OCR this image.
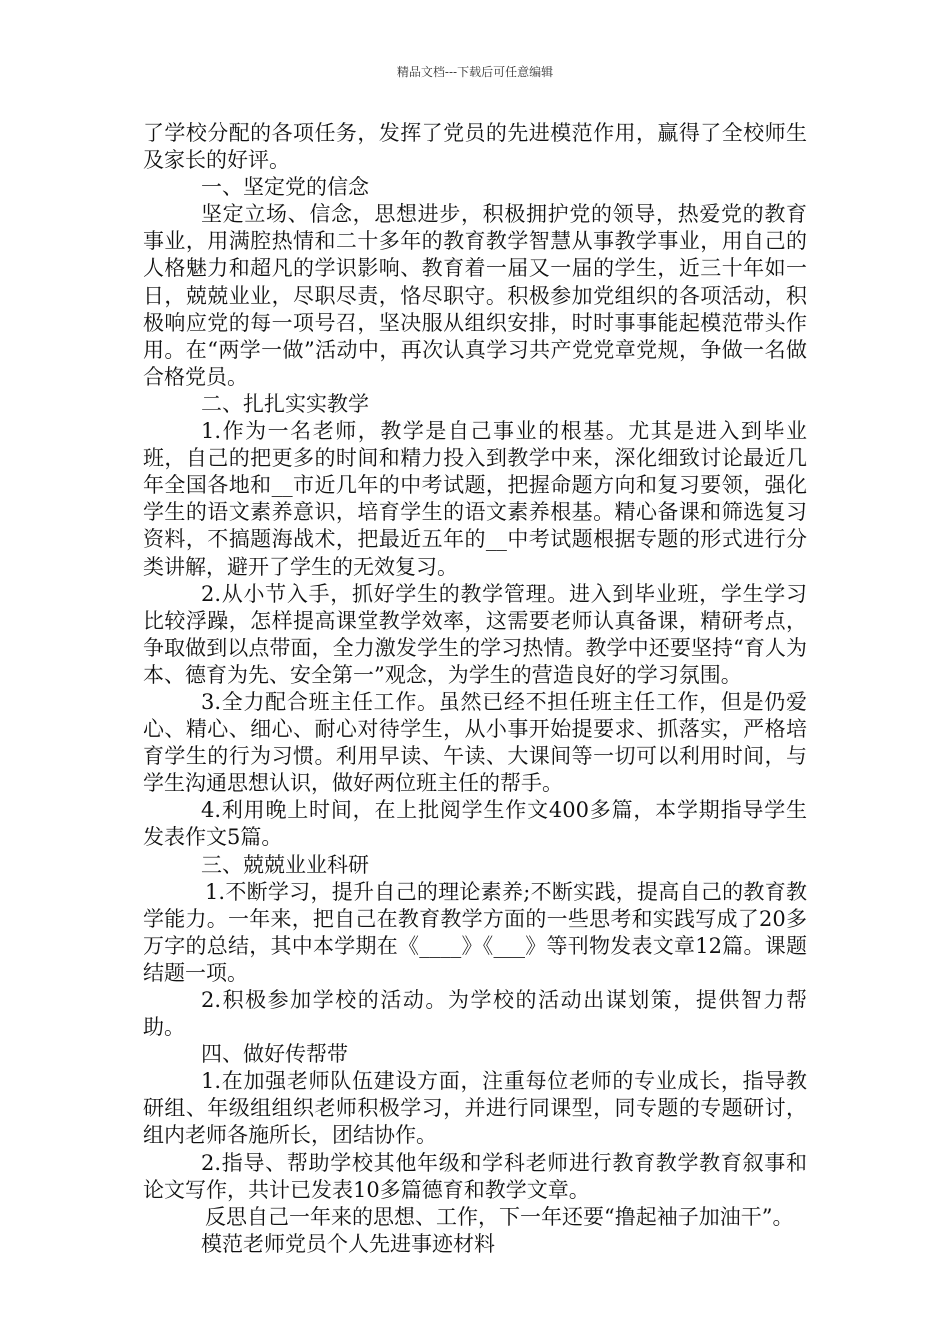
精品文档---下载后可任意编辑

了学校分配的各项任务，发挥了党员的先进模范作用，赢得了全校师生及家长的好评。

一、坚定党的信念

坚定立场、信念，思想进步，积极拥护党的领导，热爱党的教育事业，用满腔热情和二十多年的教育教学智慧从事教学事业，用自己的人格魅力和超凡的学识影响、教育着一届又一届的学生，近三十年如一日，兢兢业业，尽职尽责，恪尽职守。积极参加党组织的各项活动，积极响应党的每一项号召，坚决服从组织安排，时时事事能起模范带头作用。在“两学一做”活动中，再次认真学习共产党党章党规，争做一名做合格党员。

二、扎扎实实教学

1.作为一名老师，教学是自己事业的根基。尤其是进入到毕业班，自己的把更多的时间和精力投入到教学中来，深化细致讨论最近几年全国各地和__市近几年的中考试题，把握命题方向和复习要领，强化学生的语文素养意识，培育学生的语文素养根基。精心备课和筛选复习资料，不搞题海战术，把最近五年的__中考试题根据专题的形式进行分类讲解，避开了学生的无效复习。

2.从小节入手，抓好学生的教学管理。进入到毕业班，学生学习比较浮躁，怎样提高课堂教学效率，这需要老师认真备课，精研考点，争取做到以点带面，全力激发学生的学习热情。教学中还要坚持“育人为本、德育为先、安全第一”观念，为学生的营造良好的学习氛围。

3.全力配合班主任工作。虽然已经不担任班主任工作，但是仍爱心、精心、细心、耐心对待学生，从小事开始提要求、抓落实，严格培育学生的行为习惯。利用早读、午读、大课间等一切可以利用时间，与学生沟通思想认识，做好两位班主任的帮手。

4.利用晚上时间，在上批阅学生作文400多篇，本学期指导学生发表作文5篇。

三、兢兢业业科研

1.不断学习，提升自己的理论素养;不断实践，提高自己的教育教学能力。一年来，把自己在教育教学方面的一些思考和实践写成了20多万字的总结，其中本学期在《____》《___》等刊物发表文章12篇。课题结题一项。

2.积极参加学校的活动。为学校的活动出谋划策，提供智力帮助。

四、做好传帮带

1.在加强老师队伍建设方面，注重每位老师的专业成长，指导教研组、年级组组织老师积极学习，并进行同课型，同专题的专题研讨，组内老师各施所长，团结协作。

2.指导、帮助学校其他年级和学科老师进行教育教学教育叙事和论文写作，共计已发表10多篇德育和教学文章。

反思自己一年来的思想、工作，下一年还要“撸起袖子加油干”。

模范老师党员个人先进事迹材料
